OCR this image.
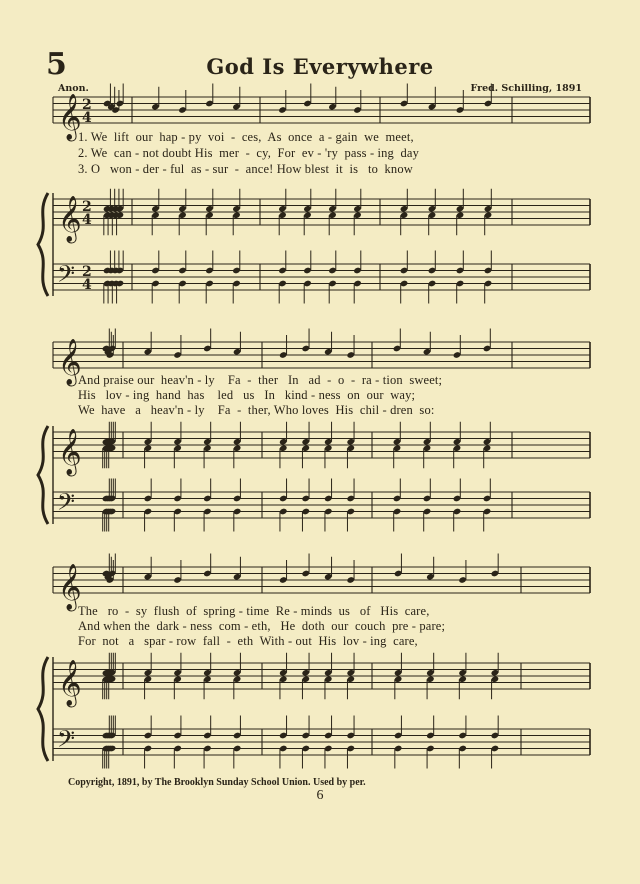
5	God Is Everywhere
Anon.	Fred. Schilling, 1891
𝄞
𝄞
𝄢
2
4
2
4
2
4
𝄞
𝄞
𝄢
𝄞
𝄞
𝄢
1. We  lift  our  hap - py  voi  -  ces,  As  once  a - gain  we  meet,
2. We  can - not doubt His  mer  -  cy,  For  ev - 'ry  pass - ing  day
3. O   won - der - ful  as - sur  -  ance! How blest  it  is   to  know
And praise our  heav'n - ly    Fa  -  ther   In   ad  -  o  -  ra - tion  sweet;
His   lov - ing  hand  has    led   us   In   kind - ness  on  our  way;
We  have   a   heav'n - ly    Fa  -  ther, Who loves  His  chil - dren  so:
The   ro  -  sy  flush  of  spring - time  Re - minds  us   of   His  care,
And when the  dark - ness  com - eth,   He  doth  our  couch  pre - pare;
For  not   a   spar - row  fall  -  eth  With - out  His  lov - ing  care,
Copyright, 1891, by The Brooklyn Sunday School Union. Used by per.
6
